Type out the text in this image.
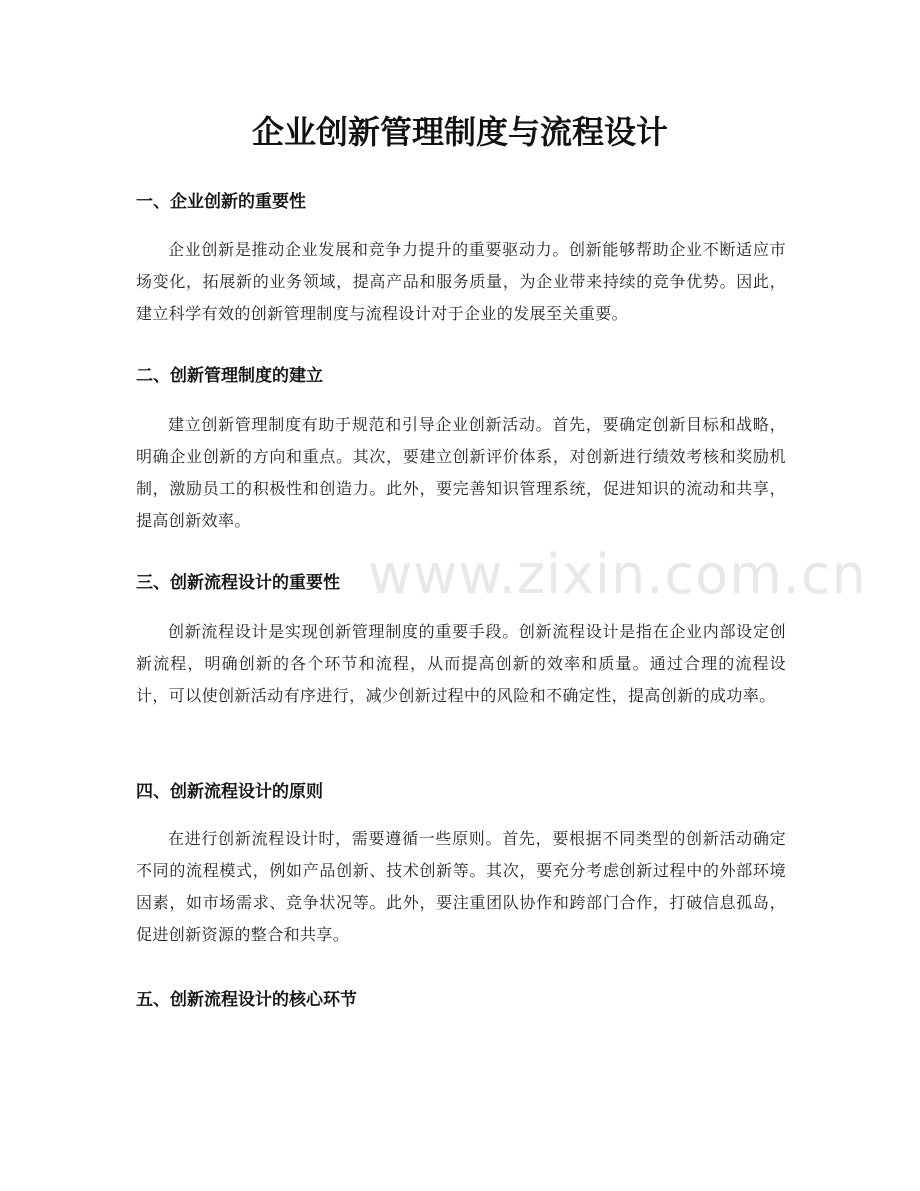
企业创新管理制度与流程设计
www.zixin.com.cn
一、企业创新的重要性

企业创新是推动企业发展和竞争力提升的重要驱动力。创新能够帮助企业不断适应市场变化，拓展新的业务领域，提高产品和服务质量，为企业带来持续的竞争优势。因此，建立科学有效的创新管理制度与流程设计对于企业的发展至关重要。

二、创新管理制度的建立

建立创新管理制度有助于规范和引导企业创新活动。首先，要确定创新目标和战略，明确企业创新的方向和重点。其次，要建立创新评价体系，对创新进行绩效考核和奖励机制，激励员工的积极性和创造力。此外，要完善知识管理系统，促进知识的流动和共享，提高创新效率。

三、创新流程设计的重要性

创新流程设计是实现创新管理制度的重要手段。创新流程设计是指在企业内部设定创新流程，明确创新的各个环节和流程，从而提高创新的效率和质量。通过合理的流程设计，可以使创新活动有序进行，减少创新过程中的风险和不确定性，提高创新的成功率。

四、创新流程设计的原则

在进行创新流程设计时，需要遵循一些原则。首先，要根据不同类型的创新活动确定不同的流程模式，例如产品创新、技术创新等。其次，要充分考虑创新过程中的外部环境因素，如市场需求、竞争状况等。此外，要注重团队协作和跨部门合作，打破信息孤岛，促进创新资源的整合和共享。

五、创新流程设计的核心环节
